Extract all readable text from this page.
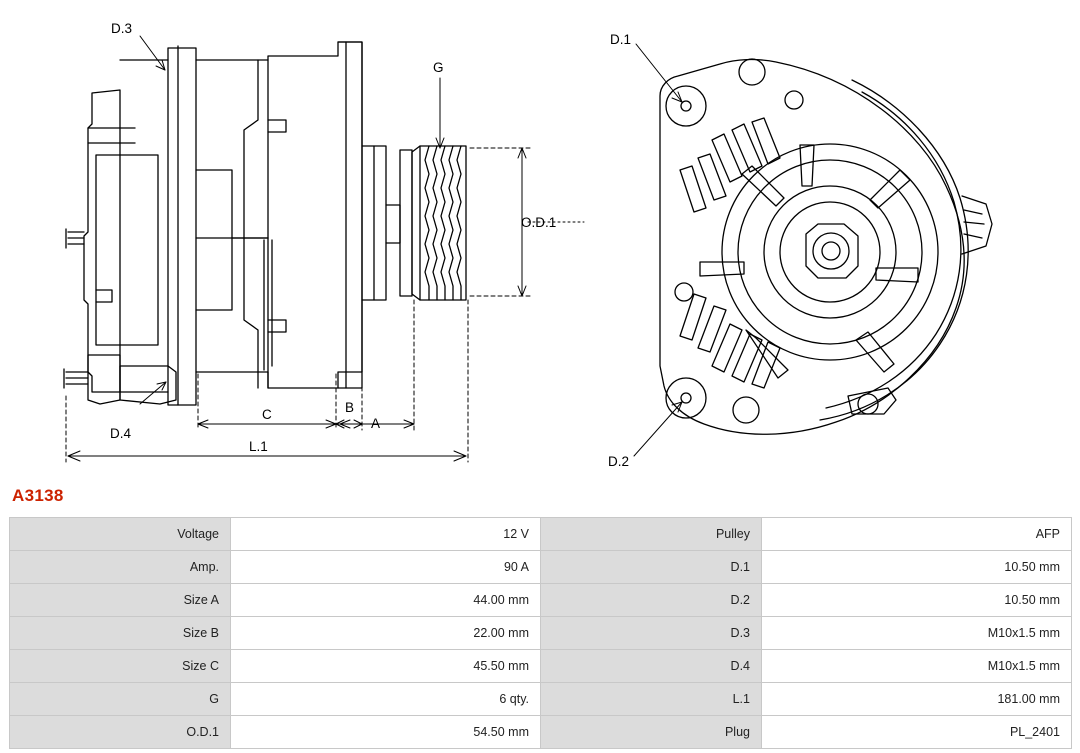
D.3
D.4
G
O.D.1
C	B
A
L.1
D.1
D.2
A3138
Voltage	12 V	Pulley	AFP
Amp.	90 A	D.1	10.50 mm
Size A	44.00 mm	D.2	10.50 mm
Size B	22.00 mm	D.3	M10x1.5 mm
Size C	45.50 mm	D.4	M10x1.5 mm
G	6 qty.	L.1	181.00 mm
O.D.1	54.50 mm	Plug	PL_2401
